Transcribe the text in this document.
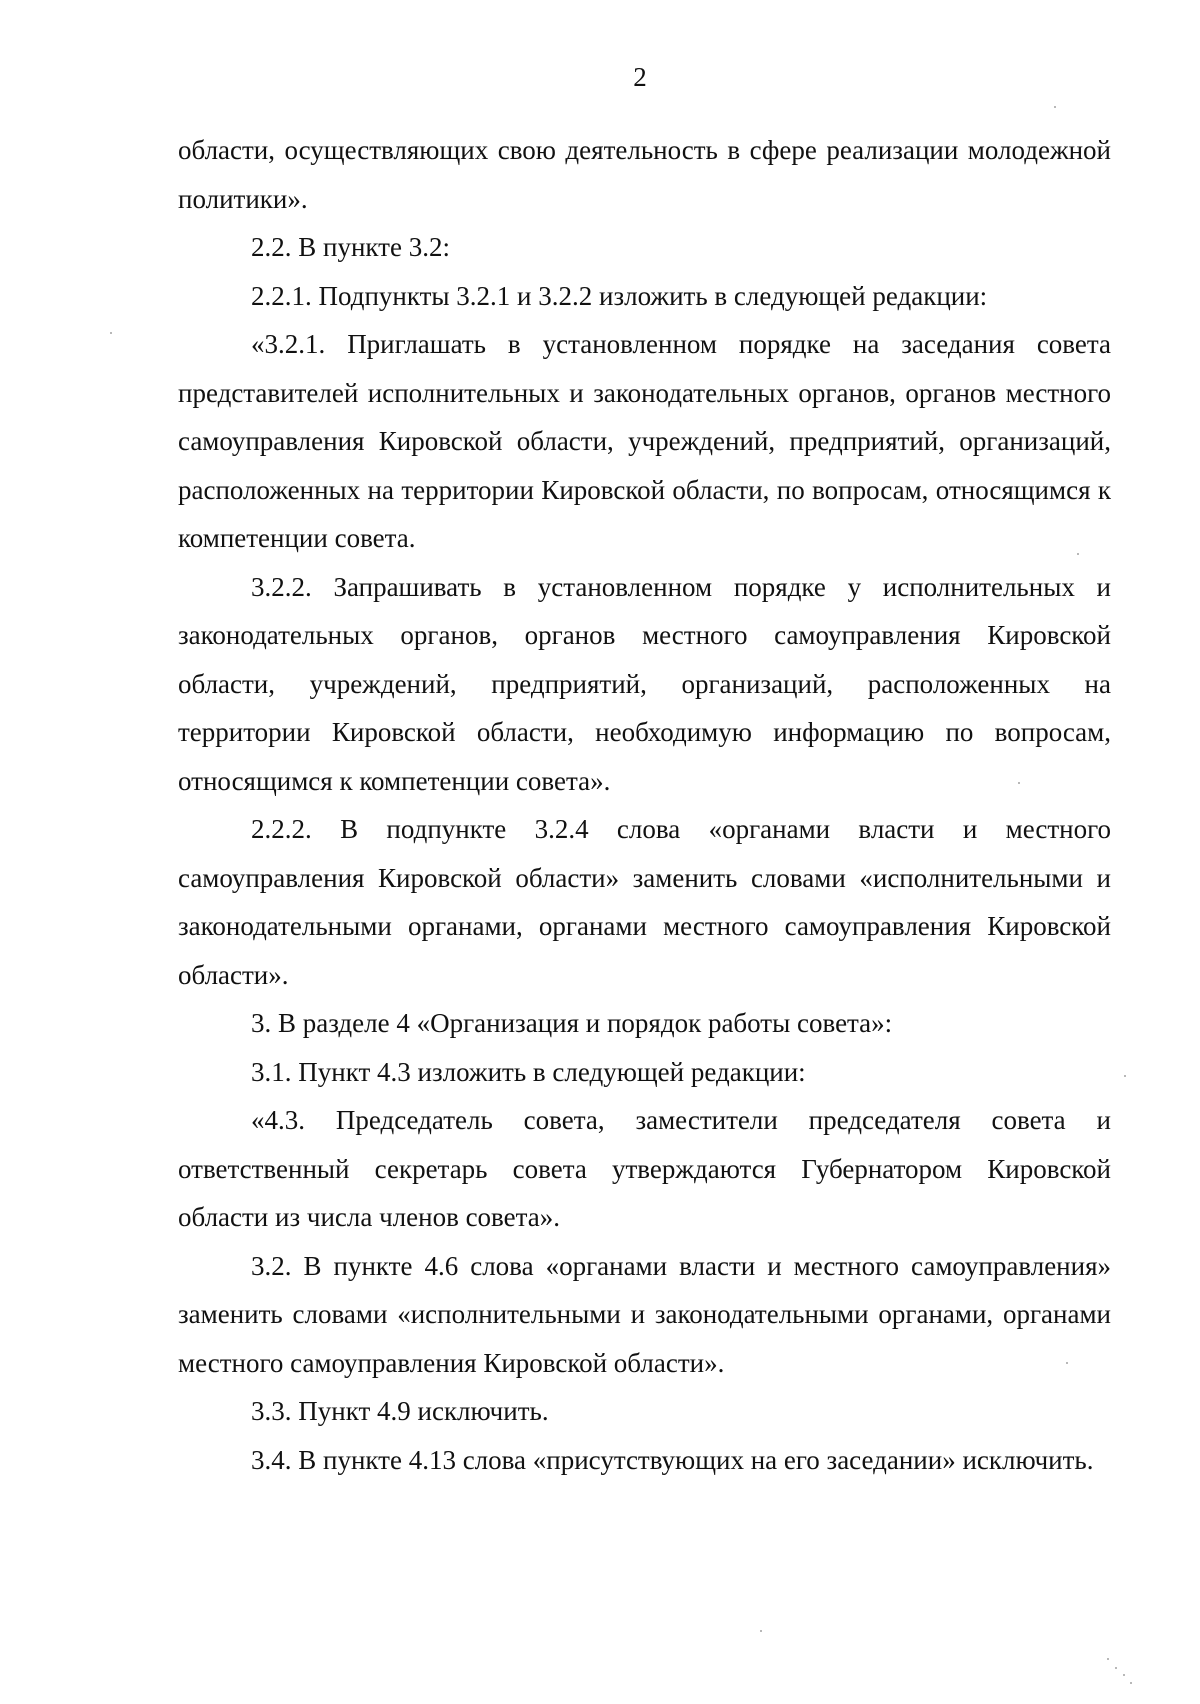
2

области, осуществляющих свою деятельность в сфере реализации молодежной политики».

2.2. В пункте 3.2:

2.2.1. Подпункты 3.2.1 и 3.2.2 изложить в следующей редакции:

«3.2.1. Приглашать в установленном порядке на заседания совета представителей исполнительных и законодательных органов, органов местного самоуправления Кировской области, учреждений, предприятий, организаций, расположенных на территории Кировской области, по вопросам, относящимся к компетенции совета.

3.2.2. Запрашивать в установленном порядке у исполнительных и законодательных органов, органов местного самоуправления Кировской области, учреждений, предприятий, организаций, расположенных на территории Кировской области, необходимую информацию по вопросам, относящимся к компетенции совета».

2.2.2. В подпункте 3.2.4 слова «органами власти и местного самоуправления Кировской области» заменить словами «исполнительными и законодательными органами, органами местного самоуправления Кировской области».

3. В разделе 4 «Организация и порядок работы совета»:

3.1. Пункт 4.3 изложить в следующей редакции:

«4.3. Председатель совета, заместители председателя совета и ответственный секретарь совета утверждаются Губернатором Кировской области из числа членов совета».

3.2. В пункте 4.6 слова «органами власти и местного самоуправления» заменить словами «исполнительными и законодательными органами, органами местного самоуправления Кировской области».

3.3. Пункт 4.9 исключить.

3.4. В пункте 4.13 слова «присутствующих на его заседании» исключить.
